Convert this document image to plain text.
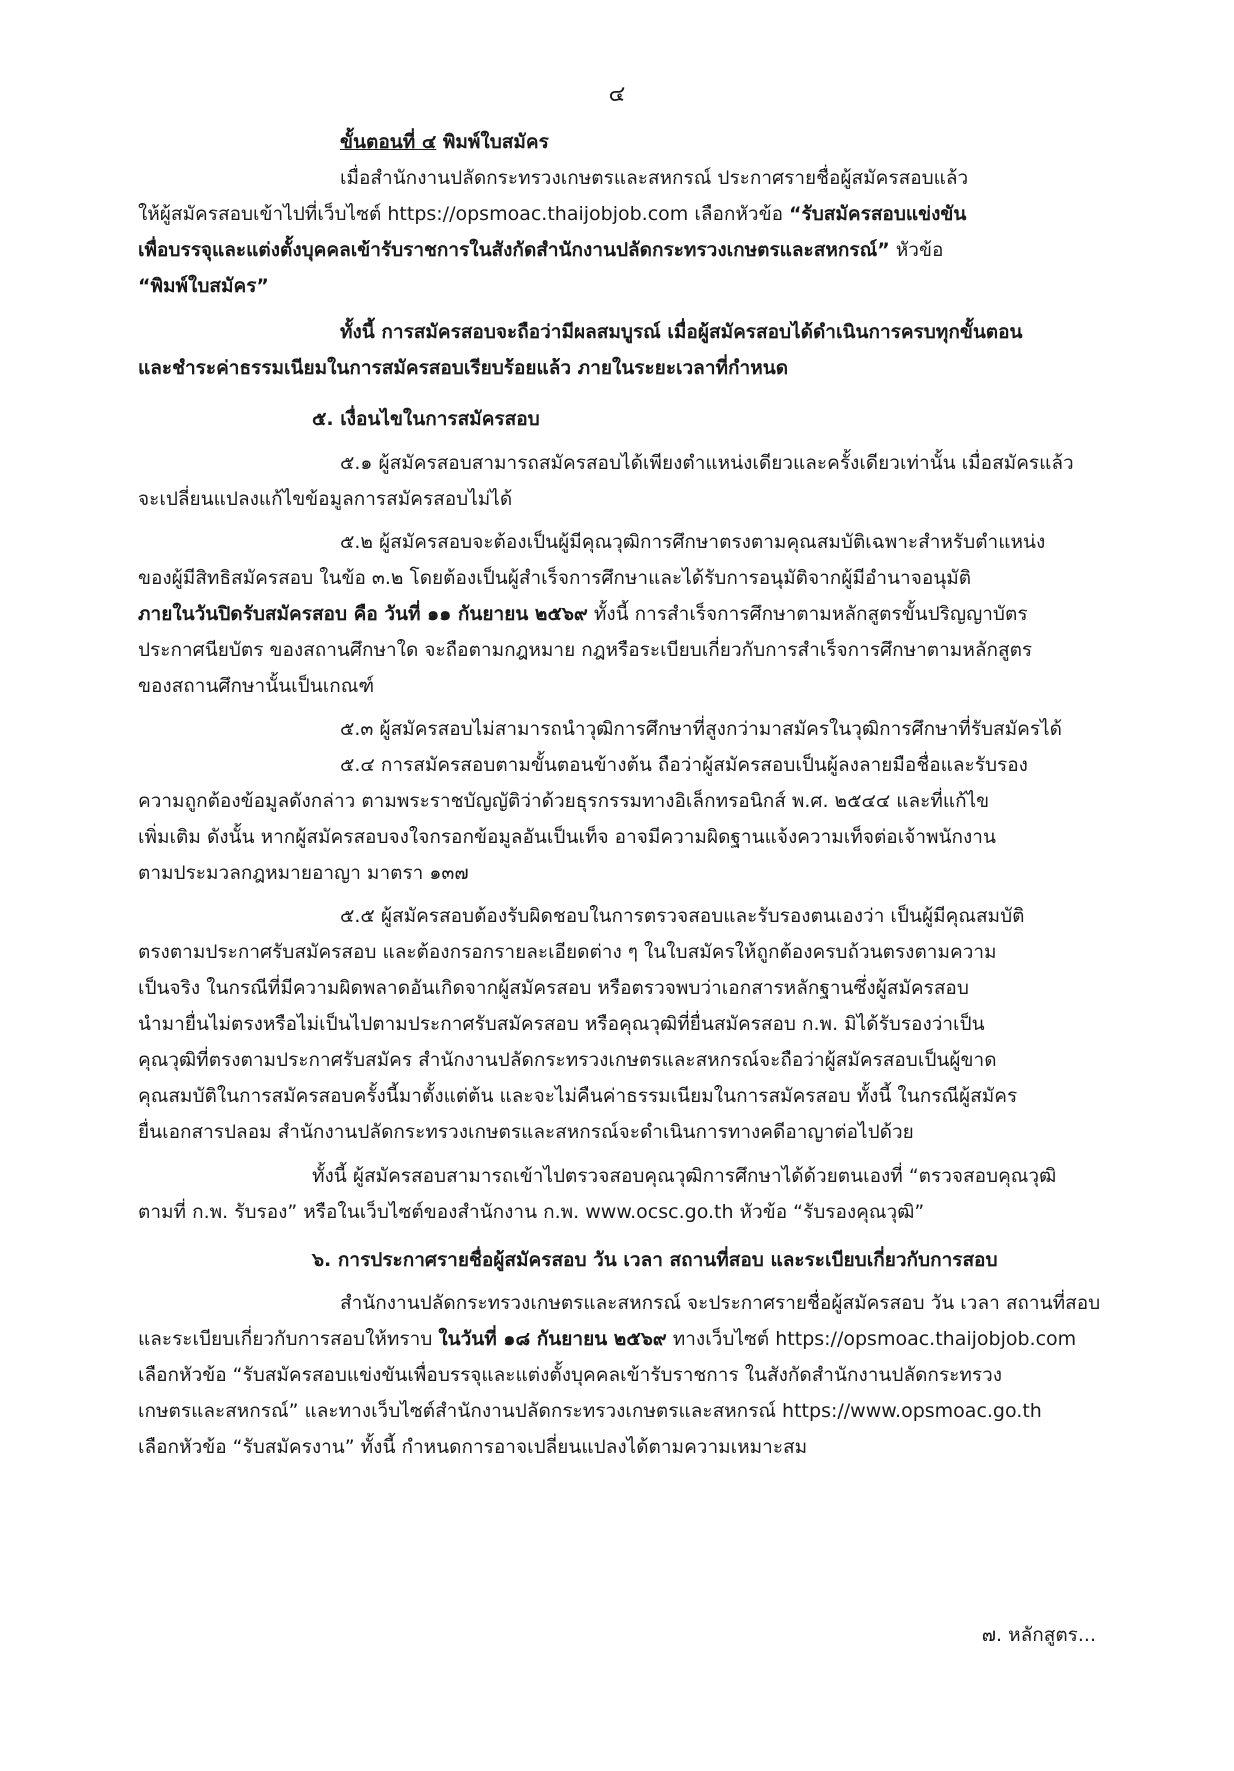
๔
ขั้นตอนที่ ๔ พิมพ์ใบสมัคร
เมื่อสำนักงานปลัดกระทรวงเกษตรและสหกรณ์ ประกาศรายชื่อผู้สมัครสอบแล้ว
ให้ผู้สมัครสอบเข้าไปที่เว็บไซต์ https://opsmoac.thaijobjob.com เลือกหัวข้อ “รับสมัครสอบแข่งขัน
เพื่อบรรจุและแต่งตั้งบุคคลเข้ารับราชการในสังกัดสำนักงานปลัดกระทรวงเกษตรและสหกรณ์” หัวข้อ
“พิมพ์ใบสมัคร”
ทั้งนี้ การสมัครสอบจะถือว่ามีผลสมบูรณ์ เมื่อผู้สมัครสอบได้ดำเนินการครบทุกขั้นตอน
และชำระค่าธรรมเนียมในการสมัครสอบเรียบร้อยแล้ว ภายในระยะเวลาที่กำหนด
๕. เงื่อนไขในการสมัครสอบ
๕.๑ ผู้สมัครสอบสามารถสมัครสอบได้เพียงตำแหน่งเดียวและครั้งเดียวเท่านั้น เมื่อสมัครแล้ว
จะเปลี่ยนแปลงแก้ไขข้อมูลการสมัครสอบไม่ได้
๕.๒ ผู้สมัครสอบจะต้องเป็นผู้มีคุณวุฒิการศึกษาตรงตามคุณสมบัติเฉพาะสำหรับตำแหน่ง
ของผู้มีสิทธิสมัครสอบ ในข้อ ๓.๒ โดยต้องเป็นผู้สำเร็จการศึกษาและได้รับการอนุมัติจากผู้มีอำนาจอนุมัติ
ภายในวันปิดรับสมัครสอบ คือ วันที่ ๑๑ กันยายน ๒๕๖๙ ทั้งนี้ การสำเร็จการศึกษาตามหลักสูตรขั้นปริญญาบัตร
ประกาศนียบัตร ของสถานศึกษาใด จะถือตามกฎหมาย กฎหรือระเบียบเกี่ยวกับการสำเร็จการศึกษาตามหลักสูตร
ของสถานศึกษานั้นเป็นเกณฑ์
๕.๓ ผู้สมัครสอบไม่สามารถนำวุฒิการศึกษาที่สูงกว่ามาสมัครในวุฒิการศึกษาที่รับสมัครได้
๕.๔ การสมัครสอบตามขั้นตอนข้างต้น ถือว่าผู้สมัครสอบเป็นผู้ลงลายมือชื่อและรับรอง
ความถูกต้องข้อมูลดังกล่าว ตามพระราชบัญญัติว่าด้วยธุรกรรมทางอิเล็กทรอนิกส์ พ.ศ. ๒๕๔๔ และที่แก้ไข
เพิ่มเติม ดังนั้น หากผู้สมัครสอบจงใจกรอกข้อมูลอันเป็นเท็จ อาจมีความผิดฐานแจ้งความเท็จต่อเจ้าพนักงาน
ตามประมวลกฎหมายอาญา มาตรา ๑๓๗
๕.๕ ผู้สมัครสอบต้องรับผิดชอบในการตรวจสอบและรับรองตนเองว่า เป็นผู้มีคุณสมบัติ
ตรงตามประกาศรับสมัครสอบ และต้องกรอกรายละเอียดต่าง ๆ ในใบสมัครให้ถูกต้องครบถ้วนตรงตามความ
เป็นจริง ในกรณีที่มีความผิดพลาดอันเกิดจากผู้สมัครสอบ หรือตรวจพบว่าเอกสารหลักฐานซึ่งผู้สมัครสอบ
นำมายื่นไม่ตรงหรือไม่เป็นไปตามประกาศรับสมัครสอบ หรือคุณวุฒิที่ยื่นสมัครสอบ ก.พ. มิได้รับรองว่าเป็น
คุณวุฒิที่ตรงตามประกาศรับสมัคร สำนักงานปลัดกระทรวงเกษตรและสหกรณ์จะถือว่าผู้สมัครสอบเป็นผู้ขาด
คุณสมบัติในการสมัครสอบครั้งนี้มาตั้งแต่ต้น และจะไม่คืนค่าธรรมเนียมในการสมัครสอบ ทั้งนี้ ในกรณีผู้สมัคร
ยื่นเอกสารปลอม สำนักงานปลัดกระทรวงเกษตรและสหกรณ์จะดำเนินการทางคดีอาญาต่อไปด้วย
ทั้งนี้ ผู้สมัครสอบสามารถเข้าไปตรวจสอบคุณวุฒิการศึกษาได้ด้วยตนเองที่ “ตรวจสอบคุณวุฒิ
ตามที่ ก.พ. รับรอง” หรือในเว็บไซต์ของสำนักงาน ก.พ. www.ocsc.go.th หัวข้อ “รับรองคุณวุฒิ”
๖. การประกาศรายชื่อผู้สมัครสอบ วัน เวลา สถานที่สอบ และระเบียบเกี่ยวกับการสอบ
สำนักงานปลัดกระทรวงเกษตรและสหกรณ์ จะประกาศรายชื่อผู้สมัครสอบ วัน เวลา สถานที่สอบ
และระเบียบเกี่ยวกับการสอบให้ทราบ ในวันที่ ๑๘ กันยายน ๒๕๖๙ ทางเว็บไซต์ https://opsmoac.thaijobjob.com
เลือกหัวข้อ “รับสมัครสอบแข่งขันเพื่อบรรจุและแต่งตั้งบุคคลเข้ารับราชการ ในสังกัดสำนักงานปลัดกระทรวง
เกษตรและสหกรณ์” และทางเว็บไซต์สำนักงานปลัดกระทรวงเกษตรและสหกรณ์ https://www.opsmoac.go.th
เลือกหัวข้อ “รับสมัครงาน” ทั้งนี้ กำหนดการอาจเปลี่ยนแปลงได้ตามความเหมาะสม
๗. หลักสูตร...
